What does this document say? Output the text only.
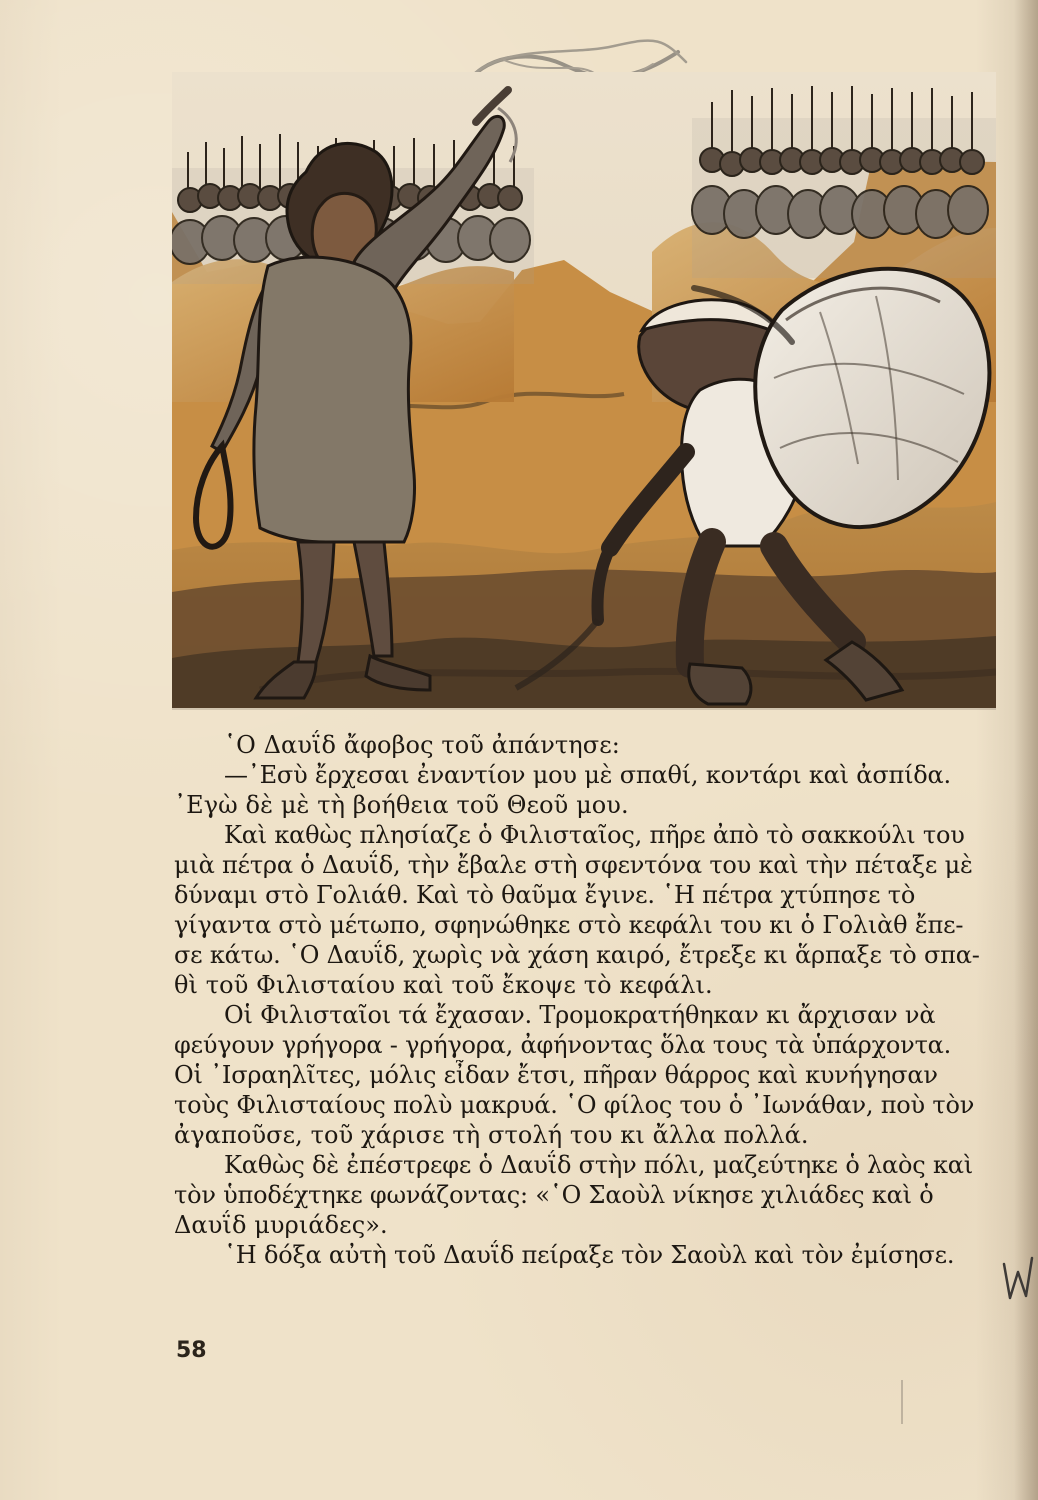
῾Ο Δαυΐδ ἄφοβος τοῦ ἀπάντησε:
—᾿Εσὺ ἔρχεσαι ἐναντίον μου μὲ σπαθί, κοντάρι καὶ ἀσπίδα.
᾿Εγὼ δὲ μὲ τὴ βοήθεια τοῦ Θεοῦ μου.
Καὶ καθὼς πλησίαζε ὁ Φιλισταῖος, πῆρε ἀπὸ τὸ σακκούλι του
μιὰ πέτρα ὁ Δαυΐδ, τὴν ἔβαλε στὴ σφεντόνα του καὶ τὴν πέταξε μὲ
δύναμι στὸ Γολιάθ. Καὶ τὸ θαῦμα ἔγινε. ῾Η πέτρα χτύπησε τὸ
γίγαντα στὸ μέτωπο, σφηνώθηκε στὸ κεφάλι του κι ὁ Γολιὰθ ἔπε-
σε κάτω. ῾Ο Δαυΐδ, χωρὶς νὰ χάση καιρό, ἔτρεξε κι ἅρπαξε τὸ σπα-
θὶ τοῦ Φιλισταίου καὶ τοῦ ἔκοψε τὸ κεφάλι.
Οἱ Φιλισταῖοι τά ἔχασαν. Τρομοκρατήθηκαν κι ἄρχισαν νὰ
φεύγουν γρήγορα - γρήγορα, ἀφήνοντας ὅλα τους τὰ ὑπάρχοντα.
Οἱ ᾿Ισραηλῖτες, μόλις εἶδαν ἔτσι, πῆραν θάρρος καὶ κυνήγησαν
τοὺς Φιλισταίους πολὺ μακρυά. ῾Ο φίλος του ὁ ᾿Ιωνάθαν, ποὺ τὸν
ἀγαποῦσε, τοῦ χάρισε τὴ στολή του κι ἄλλα πολλά.
Καθὼς δὲ ἐπέστρεφε ὁ Δαυΐδ στὴν πόλι, μαζεύτηκε ὁ λαὸς καὶ
τὸν ὑποδέχτηκε φωνάζοντας: «῾Ο Σαοὺλ νίκησε χιλιάδες καὶ ὁ
Δαυΐδ μυριάδες».
῾Η δόξα αὐτὴ τοῦ Δαυΐδ πείραξε τὸν Σαοὺλ καὶ τὸν ἐμίσησε.
58
